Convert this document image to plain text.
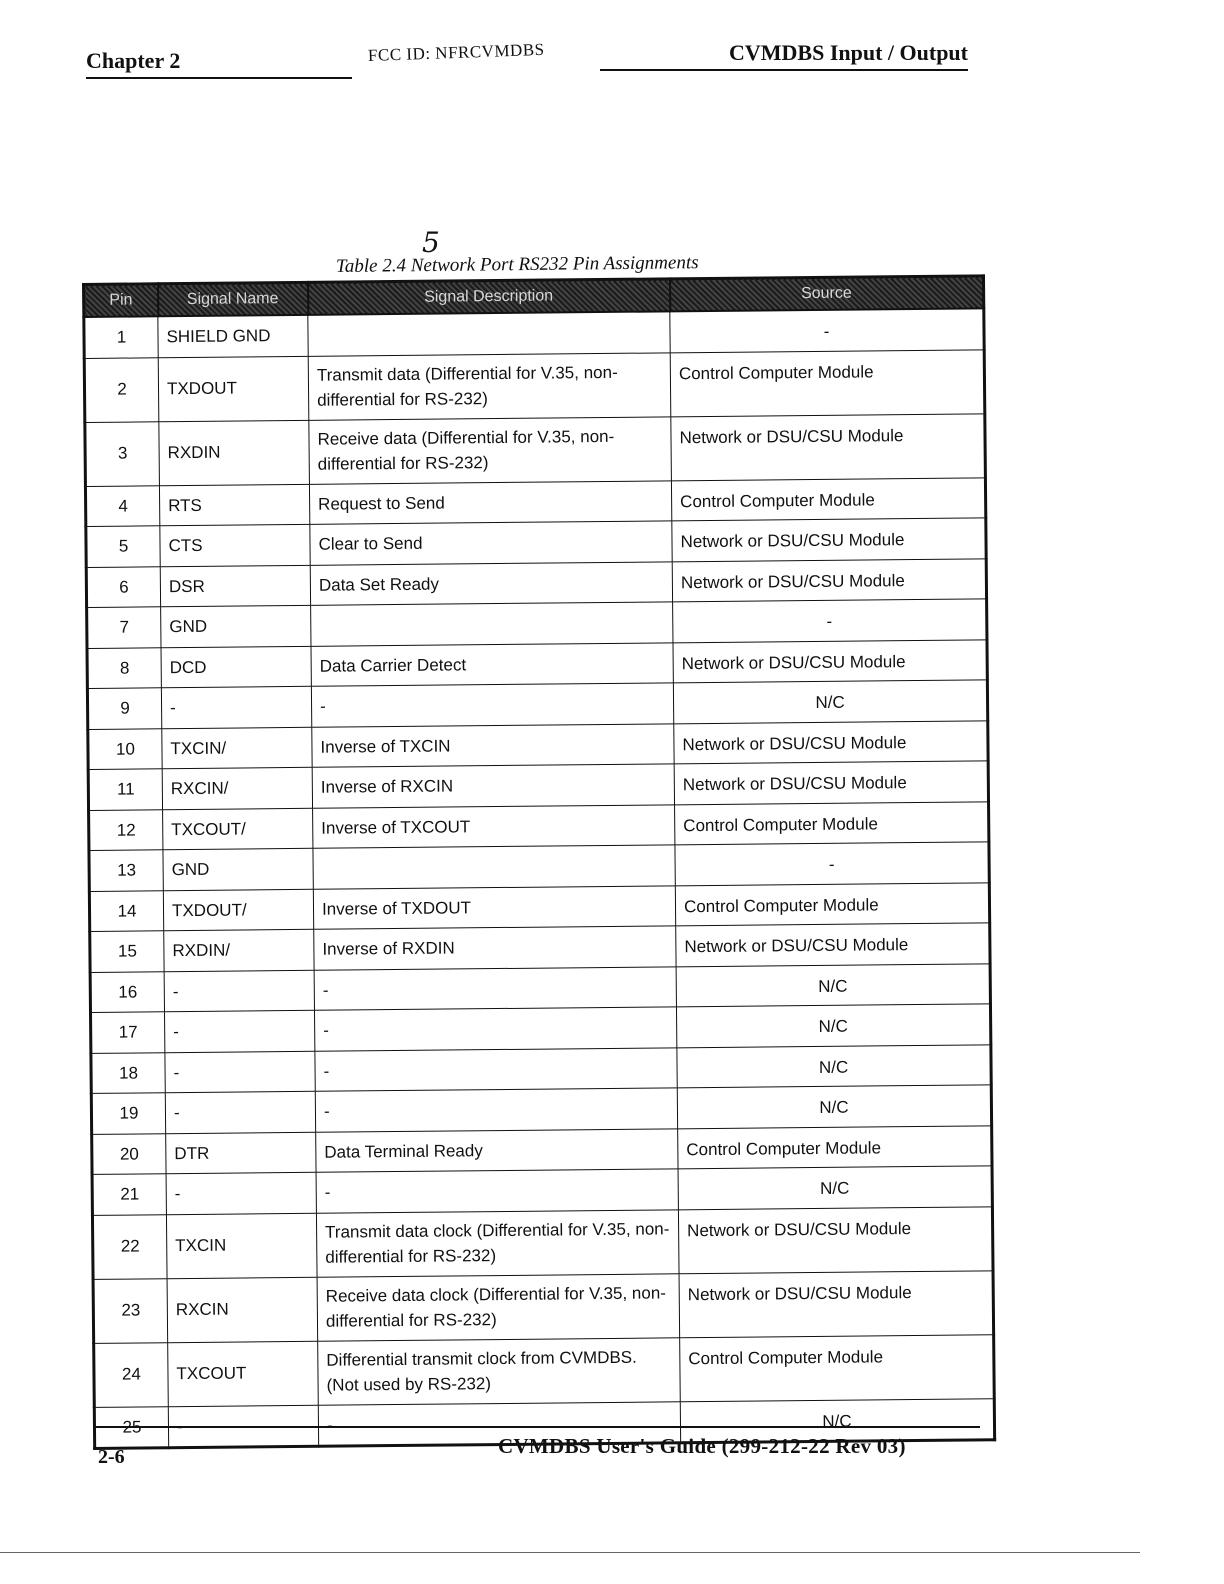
Chapter 2	FCC ID: NFRCVMDBS	CVMDBS Input / Output
5
Table 2.4 Network Port RS232 Pin Assignments
Pin	Signal Name	Signal Description	Source
1	SHIELD GND		-
2	TXDOUT	Transmit data (Differential for V.35, non-differential for RS-232)	Control Computer Module
3	RXDIN	Receive data (Differential for V.35, non-differential for RS-232)	Network or DSU/CSU Module
4	RTS	Request to Send	Control Computer Module
5	CTS	Clear to Send	Network or DSU/CSU Module
6	DSR	Data Set Ready	Network or DSU/CSU Module
7	GND		-
8	DCD	Data Carrier Detect	Network or DSU/CSU Module
9	-	-	N/C
10	TXCIN/	Inverse of TXCIN	Network or DSU/CSU Module
11	RXCIN/	Inverse of RXCIN	Network or DSU/CSU Module
12	TXCOUT/	Inverse of TXCOUT	Control Computer Module
13	GND		-
14	TXDOUT/	Inverse of TXDOUT	Control Computer Module
15	RXDIN/	Inverse of RXDIN	Network or DSU/CSU Module
16	-	-	N/C
17	-	-	N/C
18	-	-	N/C
19	-	-	N/C
20	DTR	Data Terminal Ready	Control Computer Module
21	-	-	N/C
22	TXCIN	Transmit data clock (Differential for V.35, non-differential for RS-232)	Network or DSU/CSU Module
23	RXCIN	Receive data clock (Differential for V.35, non-differential for RS-232)	Network or DSU/CSU Module
24	TXCOUT	Differential transmit clock from CVMDBS. (Not used by RS-232)	Control Computer Module
25	-	-	N/C
2-6	CVMDBS User's Guide (299-212-22 Rev 03)
